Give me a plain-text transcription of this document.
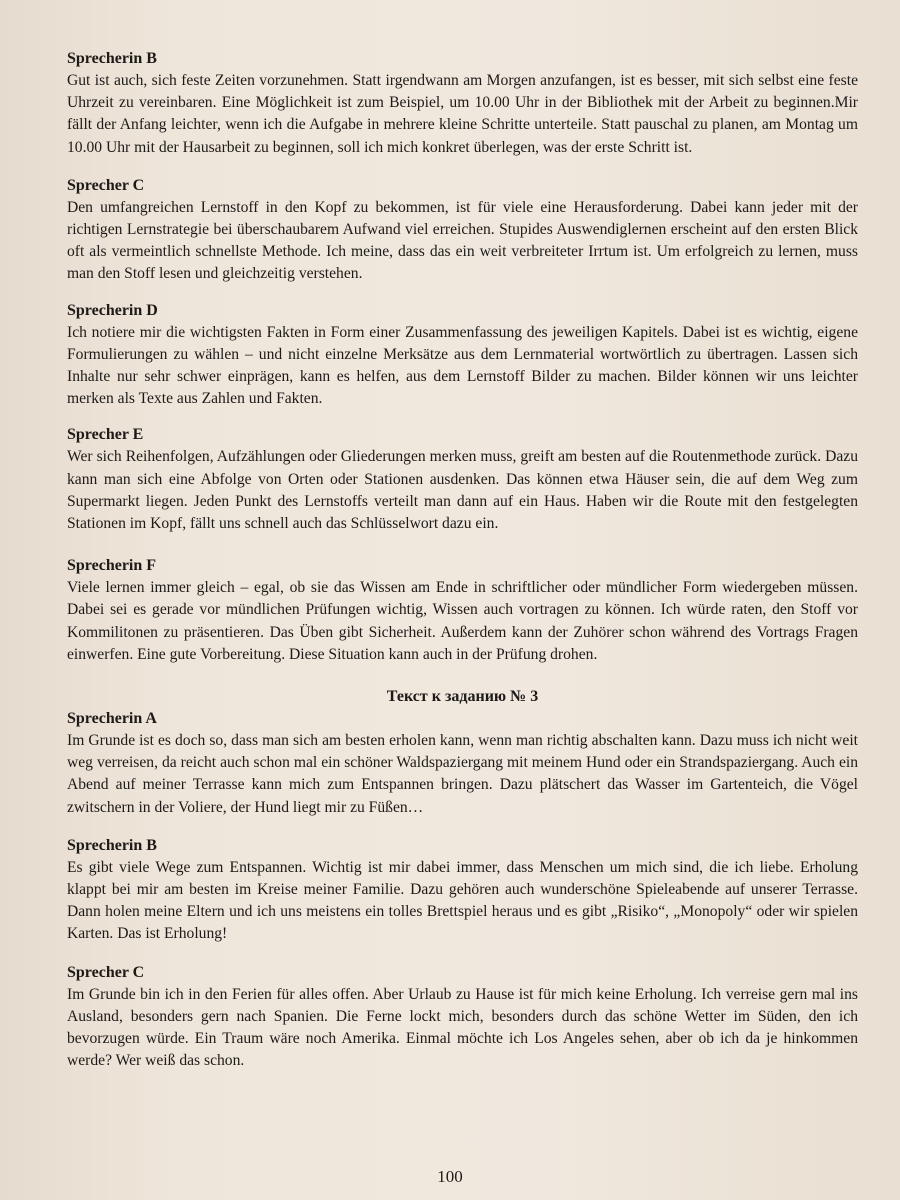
Sprecherin B

Gut ist auch, sich feste Zeiten vorzunehmen. Statt irgendwann am Morgen anzufangen, ist es besser, mit sich selbst eine feste Uhrzeit zu vereinbaren. Eine Möglichkeit ist zum Beispiel, um 10.00 Uhr in der Bibliothek mit der Arbeit zu beginnen.Mir fällt der Anfang leichter, wenn ich die Aufgabe in mehrere kleine Schritte unterteile. Statt pauschal zu planen, am Montag um 10.00 Uhr mit der Hausarbeit zu beginnen, soll ich mich konkret überlegen, was der erste Schritt ist.

Sprecher C

Den umfangreichen Lernstoff in den Kopf zu bekommen, ist für viele eine Herausforderung. Dabei kann jeder mit der richtigen Lernstrategie bei überschaubarem Aufwand viel erreichen. Stupides Auswendiglernen erscheint auf den ersten Blick oft als vermeintlich schnellste Methode. Ich meine, dass das ein weit verbreiteter Irrtum ist. Um erfolgreich zu lernen, muss man den Stoff lesen und gleichzeitig verstehen.

Sprecherin D

Ich notiere mir die wichtigsten Fakten in Form einer Zusammenfassung des jeweiligen Kapitels. Dabei ist es wichtig, eigene Formulierungen zu wählen – und nicht einzelne Merksätze aus dem Lernmaterial wortwörtlich zu übertragen. Lassen sich Inhalte nur sehr schwer einprägen, kann es helfen, aus dem Lernstoff Bilder zu machen. Bilder können wir uns leichter merken als Texte aus Zahlen und Fakten.

Sprecher E

Wer sich Reihenfolgen, Aufzählungen oder Gliederungen merken muss, greift am besten auf die Routenmethode zurück. Dazu kann man sich eine Abfolge von Orten oder Stationen ausdenken. Das können etwa Häuser sein, die auf dem Weg zum Supermarkt liegen. Jeden Punkt des Lernstoffs verteilt man dann auf ein Haus. Haben wir die Route mit den festgelegten Stationen im Kopf, fällt uns schnell auch das Schlüsselwort dazu ein.

Sprecherin F

Viele lernen immer gleich – egal, ob sie das Wissen am Ende in schriftlicher oder mündlicher Form wiedergeben müssen. Dabei sei es gerade vor mündlichen Prüfungen wichtig, Wissen auch vortragen zu können. Ich würde raten, den Stoff vor Kommilitonen zu präsentieren. Das Üben gibt Sicherheit. Außerdem kann der Zuhörer schon während des Vortrags Fragen einwerfen. Eine gute Vorbereitung. Diese Situation kann auch in der Prüfung drohen.

Текст к заданию № 3

Sprecherin A

Im Grunde ist es doch so, dass man sich am besten erholen kann, wenn man richtig abschalten kann. Dazu muss ich nicht weit weg verreisen, da reicht auch schon mal ein schöner Waldspaziergang mit meinem Hund oder ein Strandspaziergang. Auch ein Abend auf meiner Terrasse kann mich zum Entspannen bringen. Dazu plätschert das Wasser im Gartenteich, die Vögel zwitschern in der Voliere, der Hund liegt mir zu Füßen…

Sprecherin B

Es gibt viele Wege zum Entspannen. Wichtig ist mir dabei immer, dass Menschen um mich sind, die ich liebe. Erholung klappt bei mir am besten im Kreise meiner Familie. Dazu gehören auch wunderschöne Spieleabende auf unserer Terrasse. Dann holen meine Eltern und ich uns meistens ein tolles Brettspiel heraus und es gibt „Risiko“, „Monopoly“ oder wir spielen Karten. Das ist Erholung!

Sprecher C

Im Grunde bin ich in den Ferien für alles offen. Aber Urlaub zu Hause ist für mich keine Erholung. Ich verreise gern mal ins Ausland, besonders gern nach Spanien. Die Ferne lockt mich, besonders durch das schöne Wetter im Süden, den ich bevorzugen würde. Ein Traum wäre noch Amerika. Einmal möchte ich Los Angeles sehen, aber ob ich da je hinkommen werde? Wer weiß das schon.

100
